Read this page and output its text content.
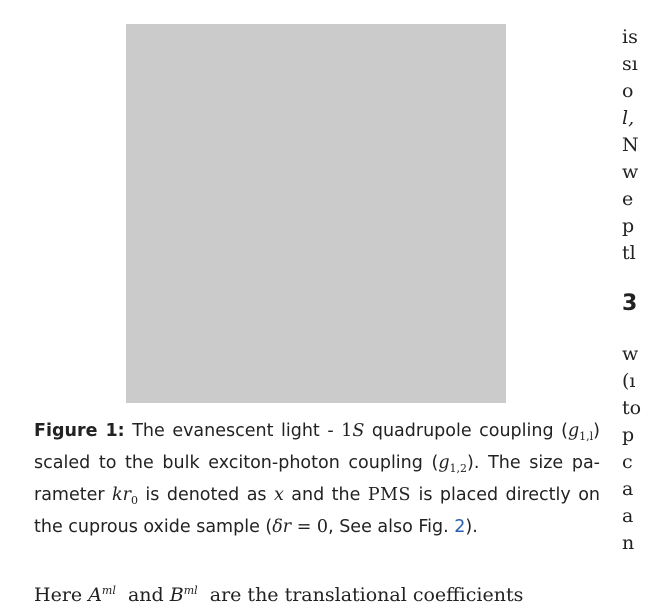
Figure 1: The evanescent light - 1S quadrupole coupling $(g_{1,l})$
scaled to the bulk exciton-photon coupling $(g_{1,2})$. The size pa-
rameter $kr_0$ is denoted as x and the PMS is placed directly on
the cuprous oxide sample (δr = 0, See also Fig. 2).
Here $A^{ml}$  and $B^{ml}$  are the translational coefficients
is
sı
o
l,
N
w
e
p
tl
3
w
(ı
to
p
c
a
a
n
